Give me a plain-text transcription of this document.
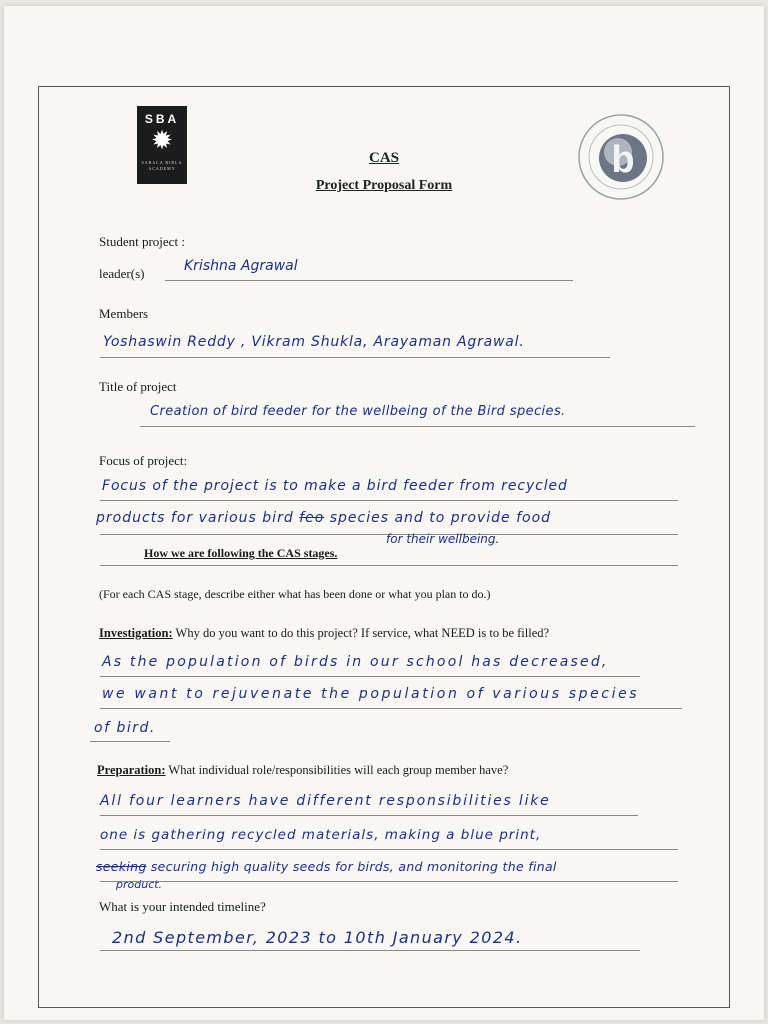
SBA
✹
SARALA BIRLA
ACADEMY	b
CAS
Project Proposal Form
Student project :
leader(s)	Krishna Agrawal
Members
Yoshaswin Reddy , Vikram Shukla, Arayaman Agrawal.
Title of project
Creation of bird feeder for the wellbeing of the Bird species.
Focus of project:
Focus of the project is to make a bird feeder from recycled
products for various bird feo species and to provide food
for their wellbeing.
How we are following the CAS stages.
(For each CAS stage, describe either what has been done or what you plan to do.)
Investigation: Why do you want to do this project? If service, what NEED is to be filled?
As the population of birds in our school has decreased,
we want to rejuvenate the population of various species
of bird.
Preparation: What individual role/responsibilities will each group member have?
All four learners have different responsibilities like
one is gathering recycled materials, making a blue print,
seeking securing high quality seeds for birds, and monitoring the final
product.
What is your intended timeline?
2nd September, 2023 to 10th January 2024.
